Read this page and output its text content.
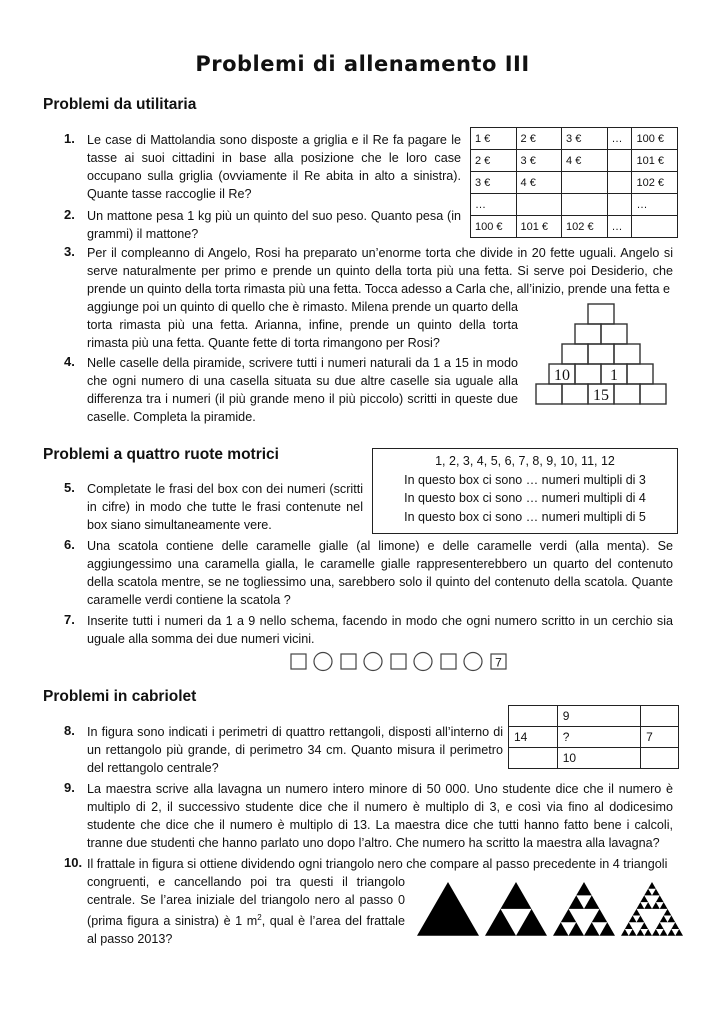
Problemi di allenamento III
Problemi da utilitaria
1. Le case di Mattolandia sono disposte a griglia e il Re fa pagare le tasse ai suoi cittadini in base alla posizione che le loro case occupano sulla griglia (ovviamente il Re abita in alto a sinistra). Quante tasse raccoglie il Re?
1 €	2 €	3 €	…	100 €
2 €	3 €	4 €		101 €
3 €	4 €			102 €
…				…
100 €	101 €	102 €	…	
2. Un mattone pesa 1 kg più un quinto del suo peso. Quanto pesa (in grammi) il mattone?
3. Per il compleanno di Angelo, Rosi ha preparato un’enorme torta che divide in 20 fette uguali. Angelo si serve naturalmente per primo e prende un quinto della torta più una fetta. Si serve poi Desiderio, che prende un quinto della torta rimasta più una fetta. Tocca adesso a Carla che, all’inizio, prende una fetta e
aggiunge poi un quinto di quello che è rimasto. Milena prende un quarto della torta rimasta più una fetta. Arianna, infine, prende un quinto della torta rimasta più una fetta. Quante fette di torta rimangono per Rosi?
4. Nelle caselle della piramide, scrivere tutti i numeri naturali da 1 a 15 in modo che ogni numero di una casella situata su due altre caselle sia uguale alla differenza tra i numeri (il più grande meno il più piccolo) scritti in queste due caselle. Completa la piramide.
10	1
15
Problemi a quattro ruote motrici	1, 2, 3, 4, 5, 6, 7, 8, 9, 10, 11, 12
In questo box ci sono … numeri multipli di 3
In questo box ci sono … numeri multipli di 4
In questo box ci sono … numeri multipli di 5
5. Completate le frasi del box con dei numeri (scritti in cifre) in modo che tutte le frasi contenute nel box siano simultaneamente vere.
6. Una scatola contiene delle caramelle gialle (al limone) e delle caramelle verdi (alla menta). Se aggiungessimo una caramella gialla, le caramelle gialle rappresenterebbero un quarto del contenuto della scatola mentre, se ne togliessimo una, sarebbero solo il quinto del contenuto della scatola. Quante caramelle verdi contiene la scatola ?
7. Inserite tutti i numeri da 1 a 9 nello schema, facendo in modo che ogni numero scritto in un cerchio sia uguale alla somma dei due numeri vicini.
7
Problemi in cabriolet
	9	
14	?	7
	10	
8. In figura sono indicati i perimetri di quattro rettangoli, disposti all’interno di un rettangolo più grande, di perimetro 34 cm. Quanto misura il perimetro del rettangolo centrale?
9. La maestra scrive alla lavagna un numero intero minore di 50 000. Uno studente dice che il numero è multiplo di 2, il successivo studente dice che il numero è multiplo di 3, e così via fino al dodicesimo studente che dice che il numero è multiplo di 13. La maestra dice che tutti hanno fatto bene i calcoli, tranne due studenti che hanno parlato uno dopo l’altro. Che numero ha scritto la maestra alla lavagna?
10. Il frattale in figura si ottiene dividendo ogni triangolo nero che compare al passo precedente in 4 triangoli
congruenti, e cancellando poi tra questi il triangolo centrale. Se l’area iniziale del triangolo nero al passo 0 (prima figura a sinistra) è 1 $m^2$, qual è l’area del frattale al passo 2013?
